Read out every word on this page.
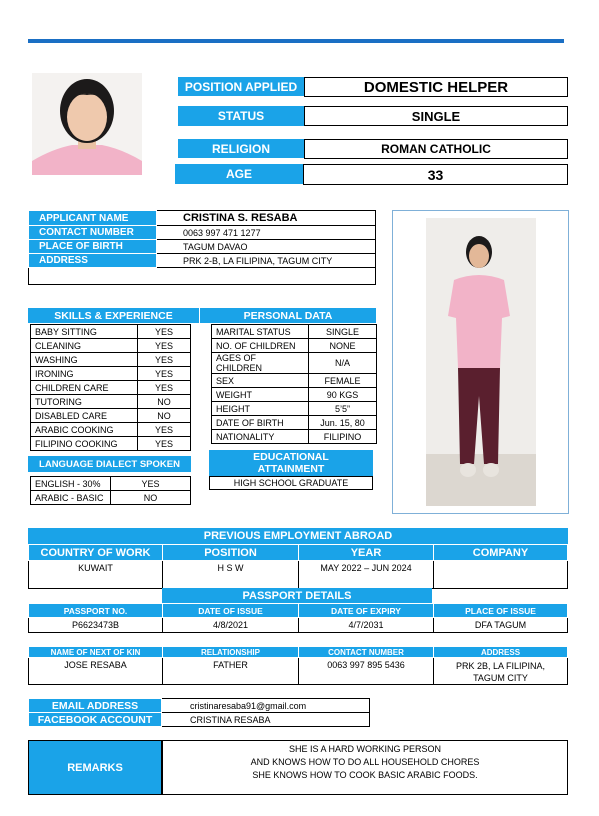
POSITION APPLIED	DOMESTIC HELPER
STATUS	SINGLE
RELIGION	ROMAN CATHOLIC
AGE	33
APPLICANT NAME	CRISTINA S. RESABA
CONTACT NUMBER	0063 997 471 1277
PLACE OF BIRTH	TAGUM DAVAO
ADDRESS	PRK 2-B, LA FILIPINA, TAGUM CITY
SKILLS & EXPERIENCE	PERSONAL DATA
BABY SITTING	YES
CLEANING	YES
WASHING	YES
IRONING	YES
CHILDREN CARE	YES
TUTORING	NO
DISABLED CARE	NO
ARABIC COOKING	YES
FILIPINO COOKING	YES
MARITAL STATUS	SINGLE
NO. OF CHILDREN	NONE
AGES OF CHILDREN	N/A
SEX	FEMALE
WEIGHT	90 KGS
HEIGHT	5’5”
DATE OF BIRTH	Jun. 15, 80
NATIONALITY	FILIPINO
LANGUAGE DIALECT SPOKEN
ENGLISH - 30%	YES
ARABIC - BASIC	NO
EDUCATIONAL
ATTAINMENT
HIGH SCHOOL GRADUATE
PREVIOUS EMPLOYMENT ABROAD
COUNTRY OF WORK	POSITION	YEAR	COMPANY
KUWAIT	H S W	MAY 2022 – JUN 2024	
PASSPORT DETAILS
PASSPORT NO.	DATE OF ISSUE	DATE OF EXPIRY	PLACE OF ISSUE
P6623473B	4/8/2021	4/7/2031	DFA TAGUM
NAME OF NEXT OF KIN	RELATIONSHIP	CONTACT NUMBER	ADDRESS
JOSE RESABA	FATHER	0063 997 895 5436	PRK 2B, LA FILIPINA,
TAGUM CITY
EMAIL ADDRESS	cristinaresaba91@gmail.com
FACEBOOK ACCOUNT	CRISTINA RESABA
REMARKS
SHE IS A HARD WORKING PERSON
AND KNOWS HOW TO DO ALL HOUSEHOLD CHORES
SHE KNOWS HOW TO COOK BASIC ARABIC FOODS.
